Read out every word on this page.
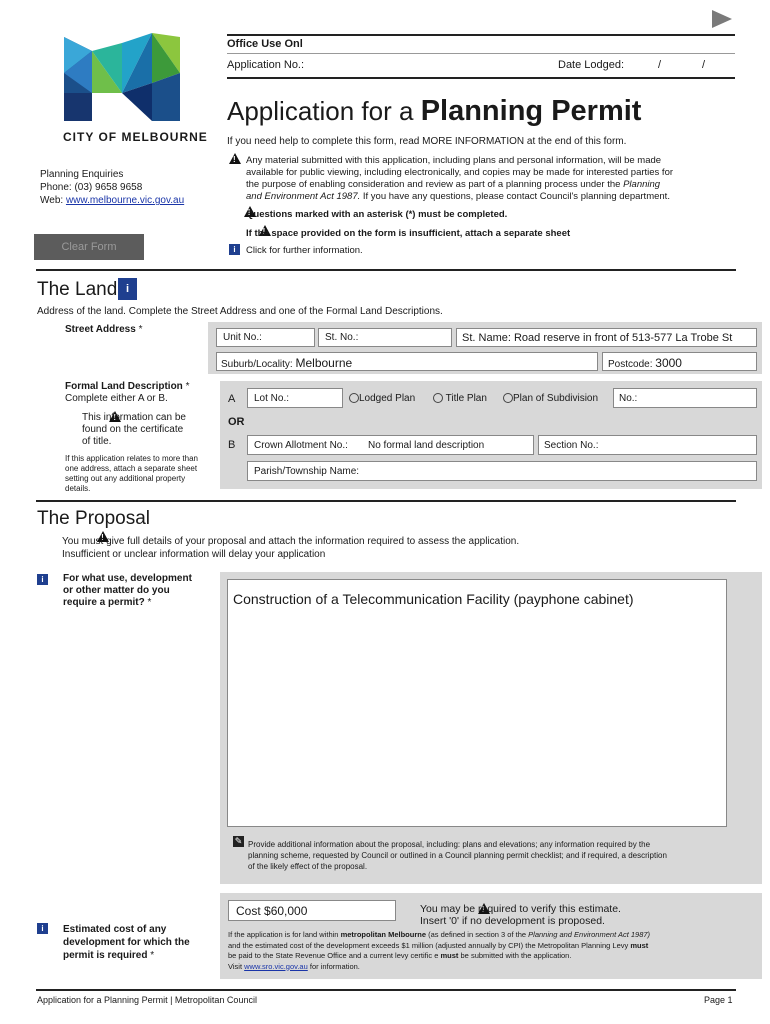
Office Use Onl
Application No.:	Date Lodged:	/	/
CITY OF MELBOURNE
Application for a Planning Permit
If you need help to complete this form, read MORE INFORMATION at the end of this form.
Planning Enquiries
Phone: (03) 9658 9658
Web: www.melbourne.vic.gov.au
!
Any material submitted with this application, including plans and personal information, will be made
available for public viewing, including electronically, and copies may be made for interested parties for
the purpose of enabling consideration and review as part of a planning process under the Planning
and Environment Act 1987. If you have any questions, please contact Council's planning department.
!
Questions marked with an asterisk (*) must be completed.
!
If the space provided on the form is insufficient, attach a separate sheet
i	Click for further information.
Clear Form
The Land i
Address of the land. Complete the Street Address and one of the Formal Land Descriptions.
Street Address *
Unit No.:	St. No.:	St. Name: Road reserve in front of 513-577 La Trobe St
Suburb/Locality: Melbourne	Postcode: 3000
Formal Land Description *
Complete either A or B.
!
This information can be
found on the certificate
of title.
If this application relates to more than
one address, attach a separate sheet
setting out any additional property
details.
A Lot No.:	Lodged Plan	Title Plan	Plan of Subdivision No.:
OR
B Crown Allotment No.: No formal land description	Section No.:
Parish/Township Name:
The Proposal
!
You must give full details of your proposal and attach the information required to assess the application.
Insufficient or unclear information will delay your application
i	For what use, development
or other matter do you
require a permit? *	Construction of a Telecommunication Facility (payphone cabinet)
✎ Provide additional information about the proposal, including: plans and elevations; any information required by the
planning scheme, requested by Council or outlined in a Council planning permit checklist; and if required, a description
of the likely effect of the proposal.
i	Estimated cost of any
development for which the
permit is required *
Cost $60,000
!	You may be required to verify this estimate.
Insert '0' if no development is proposed.
If the application is for land within metropolitan Melbourne (as defined in section 3 of the Planning and Environment Act 1987)
and the estimated cost of the development exceeds $1 million (adjusted annually by CPI) the Metropolitan Planning Levy must
be paid to the State Revenue Office and a current levy certific e must be submitted with the application.
Visit www.sro.vic.gov.au for information.
Application for a Planning Permit | Metropolitan Council	Page 1
